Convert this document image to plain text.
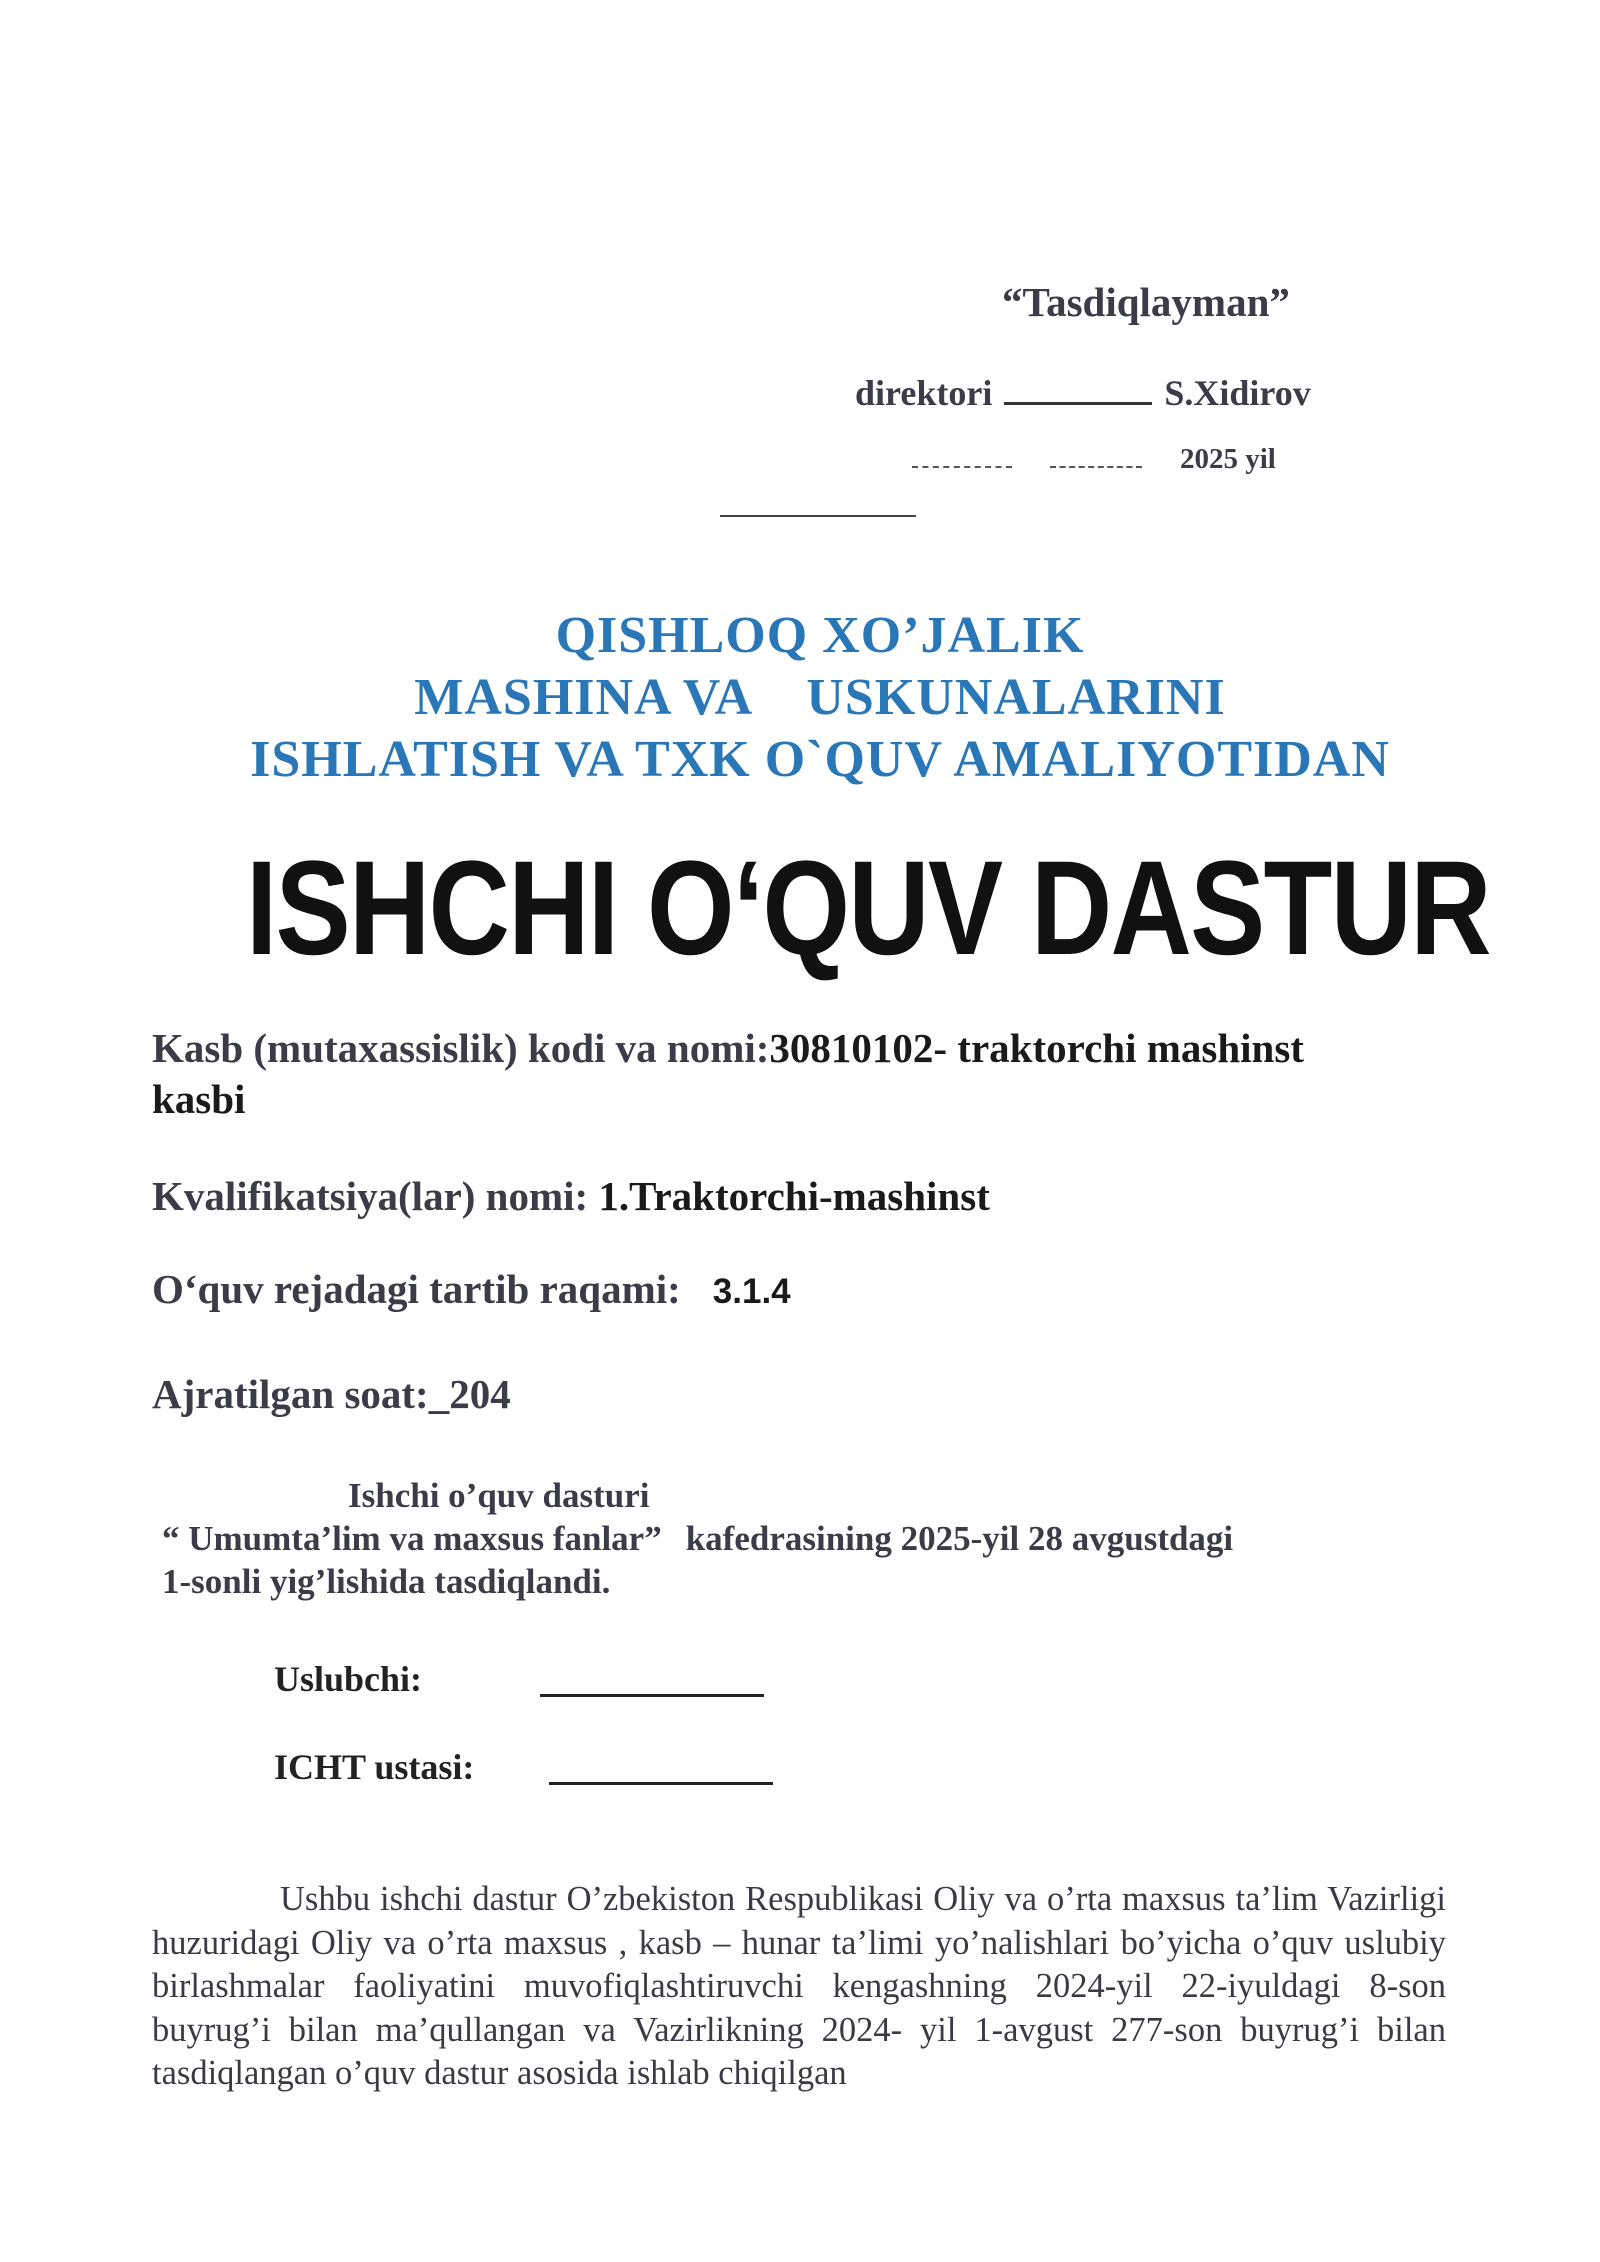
“Tasdiqlayman”
direktori	S.Xidirov
2025 yil
QISHLOQ XO’JALIK
MASHINA VA    USKUNALARINI
ISHLATISH VA TXK O`QUV AMALIYOTIDAN
ISHCHI O‘QUV DASTUR
Kasb (mutaxassislik) kodi va nomi:30810102- traktorchi mashinst
kasbi
Kvalifikatsiya(lar) nomi: 1.Traktorchi-mashinst
O‘quv rejadagi tartib raqami: 3.1.4
Ajratilgan soat:_204
Ishchi o’quv dasturi
“ Umumta’lim va maxsus fanlar” kafedrasining 2025-yil 28 avgustdagi
1-sonli yig’lishida tasdiqlandi.
Uslubchi:
ICHT ustasi:
Ushbu ishchi dastur O’zbekiston Respublikasi Oliy va o’rta maxsus ta’lim Vazirligi huzuridagi Oliy va o’rta maxsus , kasb – hunar ta’limi yo’nalishlari bo’yicha o’quv uslubiy birlashmalar faoliyatini muvofiqlashtiruvchi kengashning 2024-yil 22-iyuldagi 8-son buyrug’i bilan ma’qullangan va Vazirlikning 2024- yil 1-avgust 277-son buyrug’i bilan tasdiqlangan o’quv dastur asosida ishlab chiqilgan
